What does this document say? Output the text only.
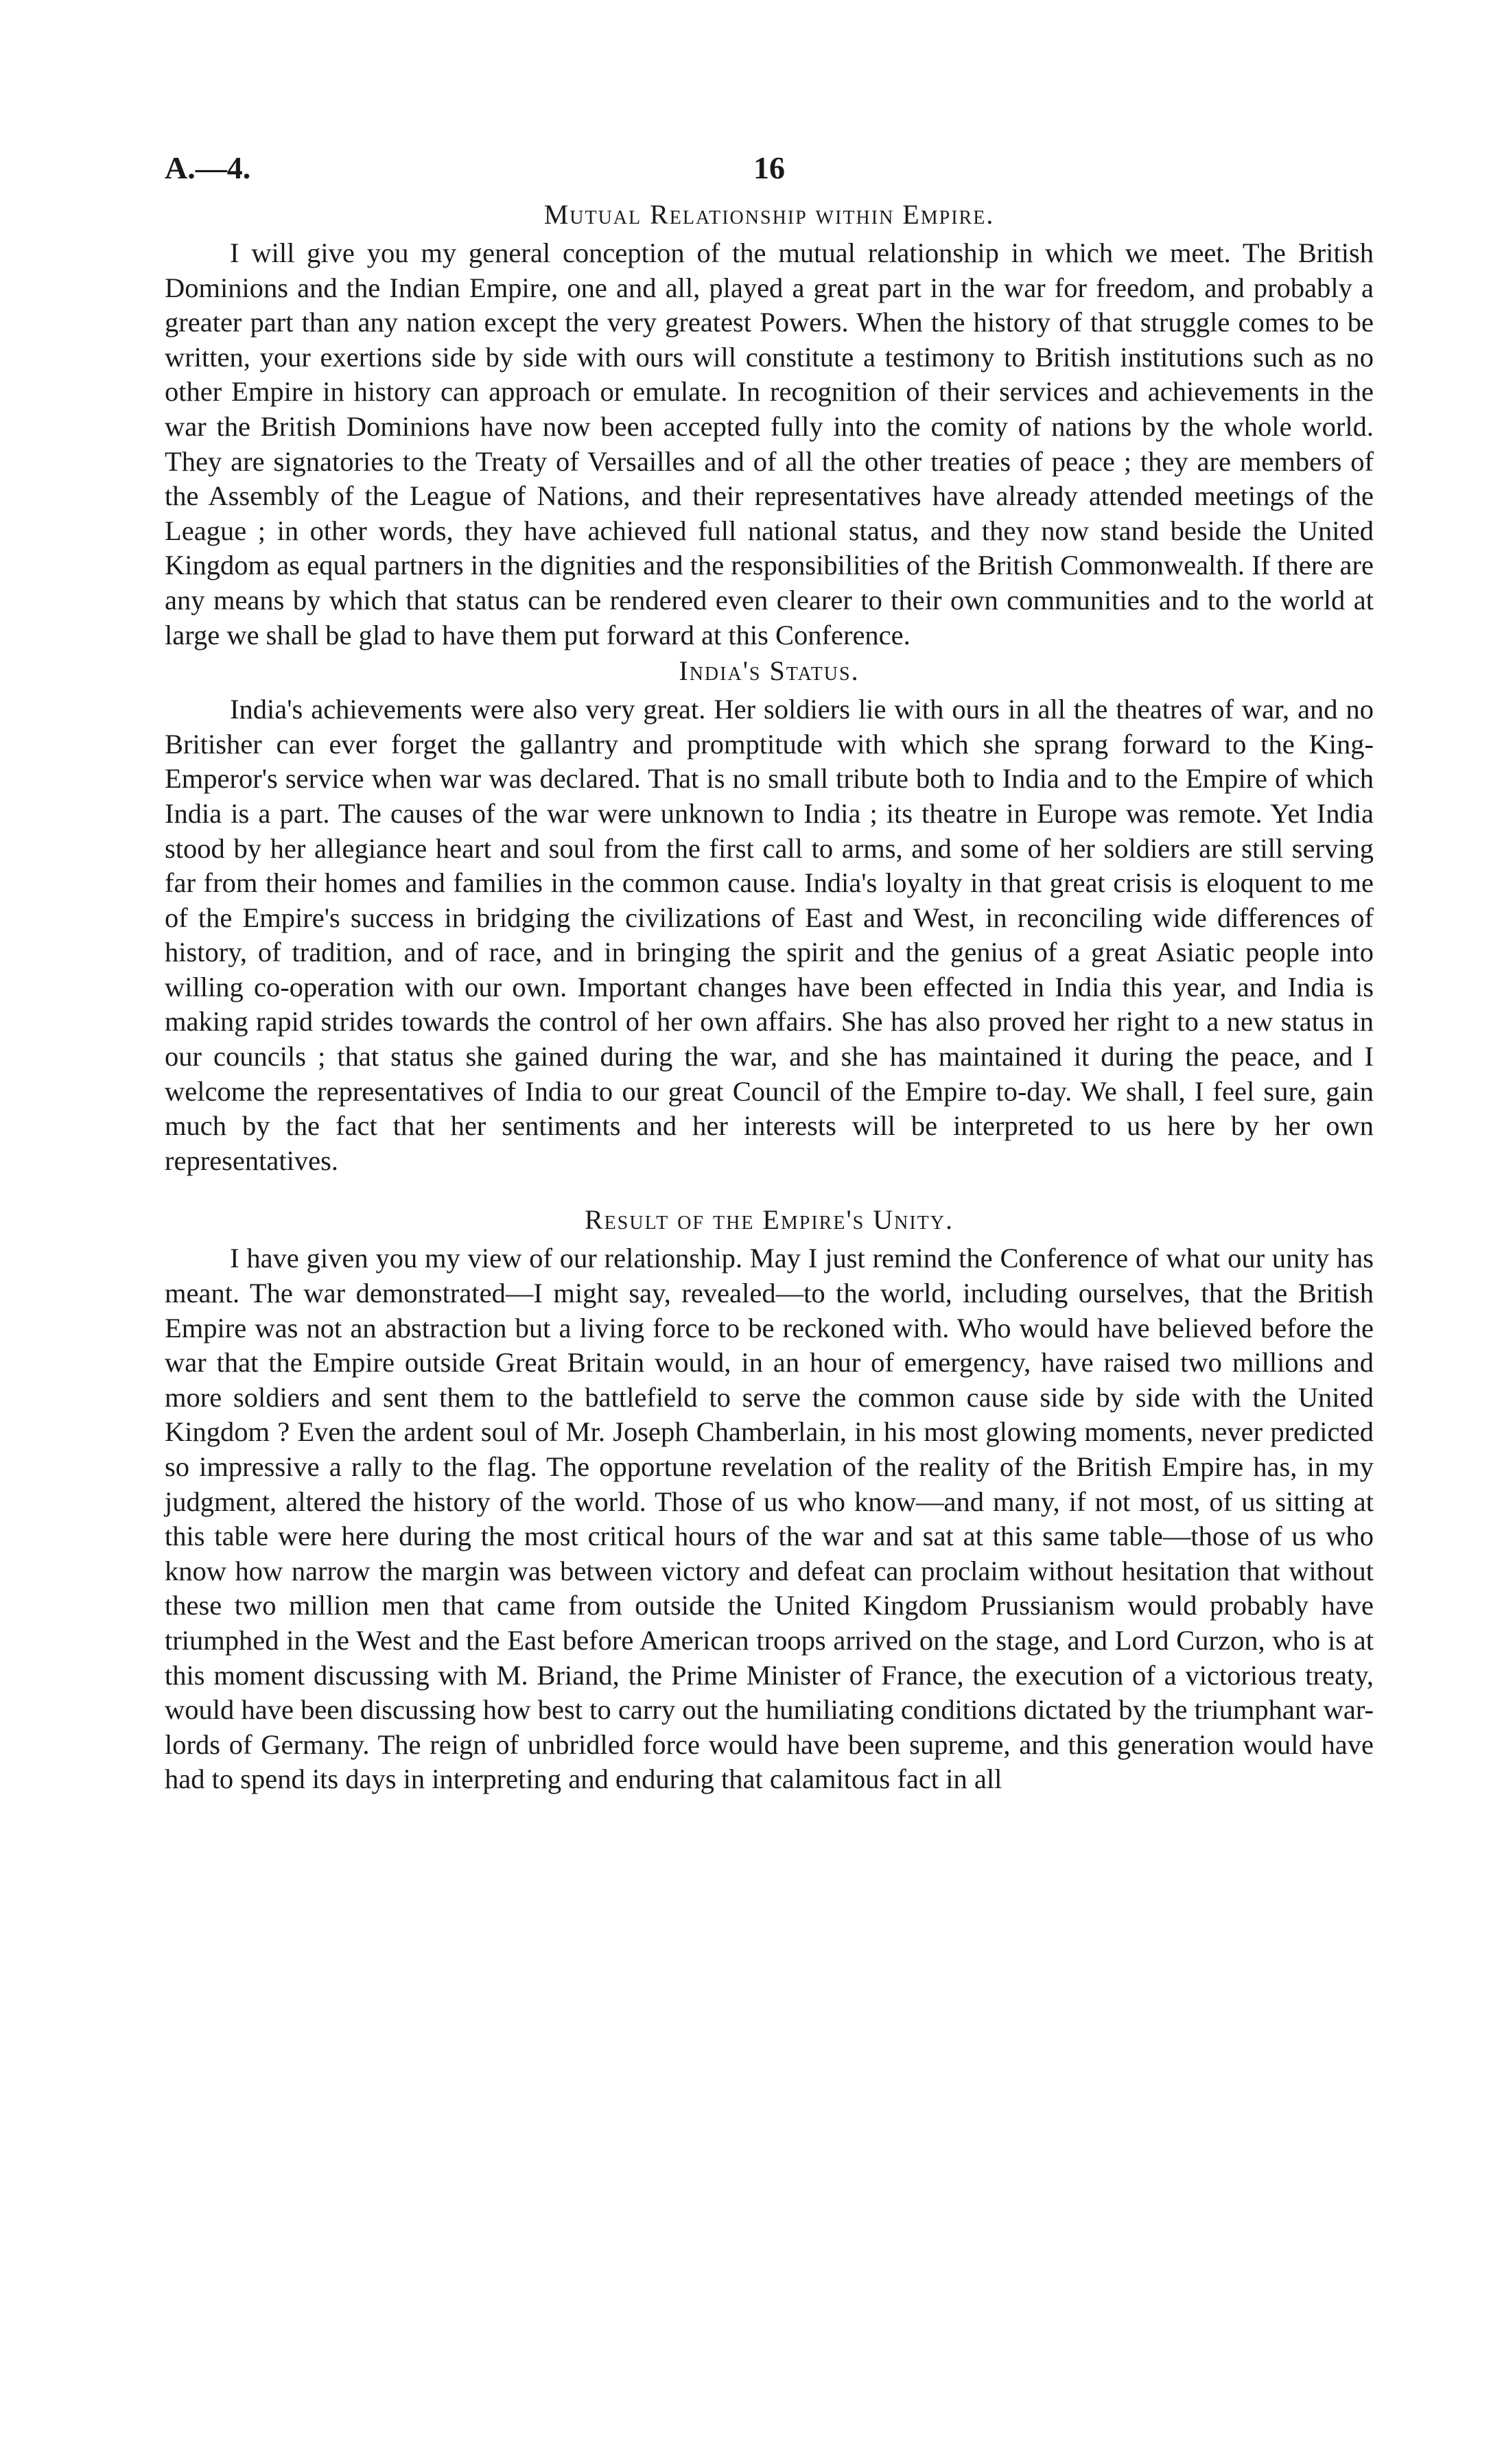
A.—4.	16
Mutual Relationship within Empire.

I will give you my general conception of the mutual relationship in which we meet. The British Dominions and the Indian Empire, one and all, played a great part in the war for freedom, and probably a greater part than any nation except the very greatest Powers. When the history of that struggle comes to be written, your exertions side by side with ours will constitute a testimony to British institutions such as no other Empire in history can approach or emulate. In recognition of their services and achievements in the war the British Dominions have now been accepted fully into the comity of nations by the whole world. They are signatories to the Treaty of Versailles and of all the other treaties of peace ; they are members of the Assembly of the League of Nations, and their representatives have already attended meetings of the League ; in other words, they have achieved full national status, and they now stand beside the United Kingdom as equal partners in the dignities and the responsibilities of the British Commonwealth. If there are any means by which that status can be rendered even clearer to their own communities and to the world at large we shall be glad to have them put forward at this Conference.

India's Status.

India's achievements were also very great. Her soldiers lie with ours in all the theatres of war, and no Britisher can ever forget the gallantry and promptitude with which she sprang forward to the King-Emperor's service when war was declared. That is no small tribute both to India and to the Empire of which India is a part. The causes of the war were unknown to India ; its theatre in Europe was remote. Yet India stood by her allegiance heart and soul from the first call to arms, and some of her soldiers are still serving far from their homes and families in the common cause. India's loyalty in that great crisis is eloquent to me of the Empire's success in bridging the civilizations of East and West, in reconciling wide differences of history, of tradition, and of race, and in bringing the spirit and the genius of a great Asiatic people into willing co-operation with our own. Important changes have been effected in India this year, and India is making rapid strides towards the control of her own affairs. She has also proved her right to a new status in our councils ; that status she gained during the war, and she has maintained it during the peace, and I welcome the representatives of India to our great Council of the Empire to-day. We shall, I feel sure, gain much by the fact that her sentiments and her interests will be interpreted to us here by her own representatives.

Result of the Empire's Unity.

I have given you my view of our relationship. May I just remind the Conference of what our unity has meant. The war demonstrated—I might say, revealed—to the world, including ourselves, that the British Empire was not an abstraction but a living force to be reckoned with. Who would have believed before the war that the Empire outside Great Britain would, in an hour of emergency, have raised two millions and more soldiers and sent them to the battlefield to serve the common cause side by side with the United Kingdom ? Even the ardent soul of Mr. Joseph Chamberlain, in his most glowing moments, never predicted so impressive a rally to the flag. The opportune revelation of the reality of the British Empire has, in my judgment, altered the history of the world. Those of us who know—and many, if not most, of us sitting at this table were here during the most critical hours of the war and sat at this same table—those of us who know how narrow the margin was between victory and defeat can proclaim without hesitation that without these two million men that came from outside the United Kingdom Prussianism would probably have triumphed in the West and the East before American troops arrived on the stage, and Lord Curzon, who is at this moment discussing with M. Briand, the Prime Minister of France, the execution of a victorious treaty, would have been discussing how best to carry out the humiliating conditions dictated by the triumphant war-lords of Germany. The reign of unbridled force would have been supreme, and this generation would have had to spend its days in interpreting and enduring that calamitous fact in all
